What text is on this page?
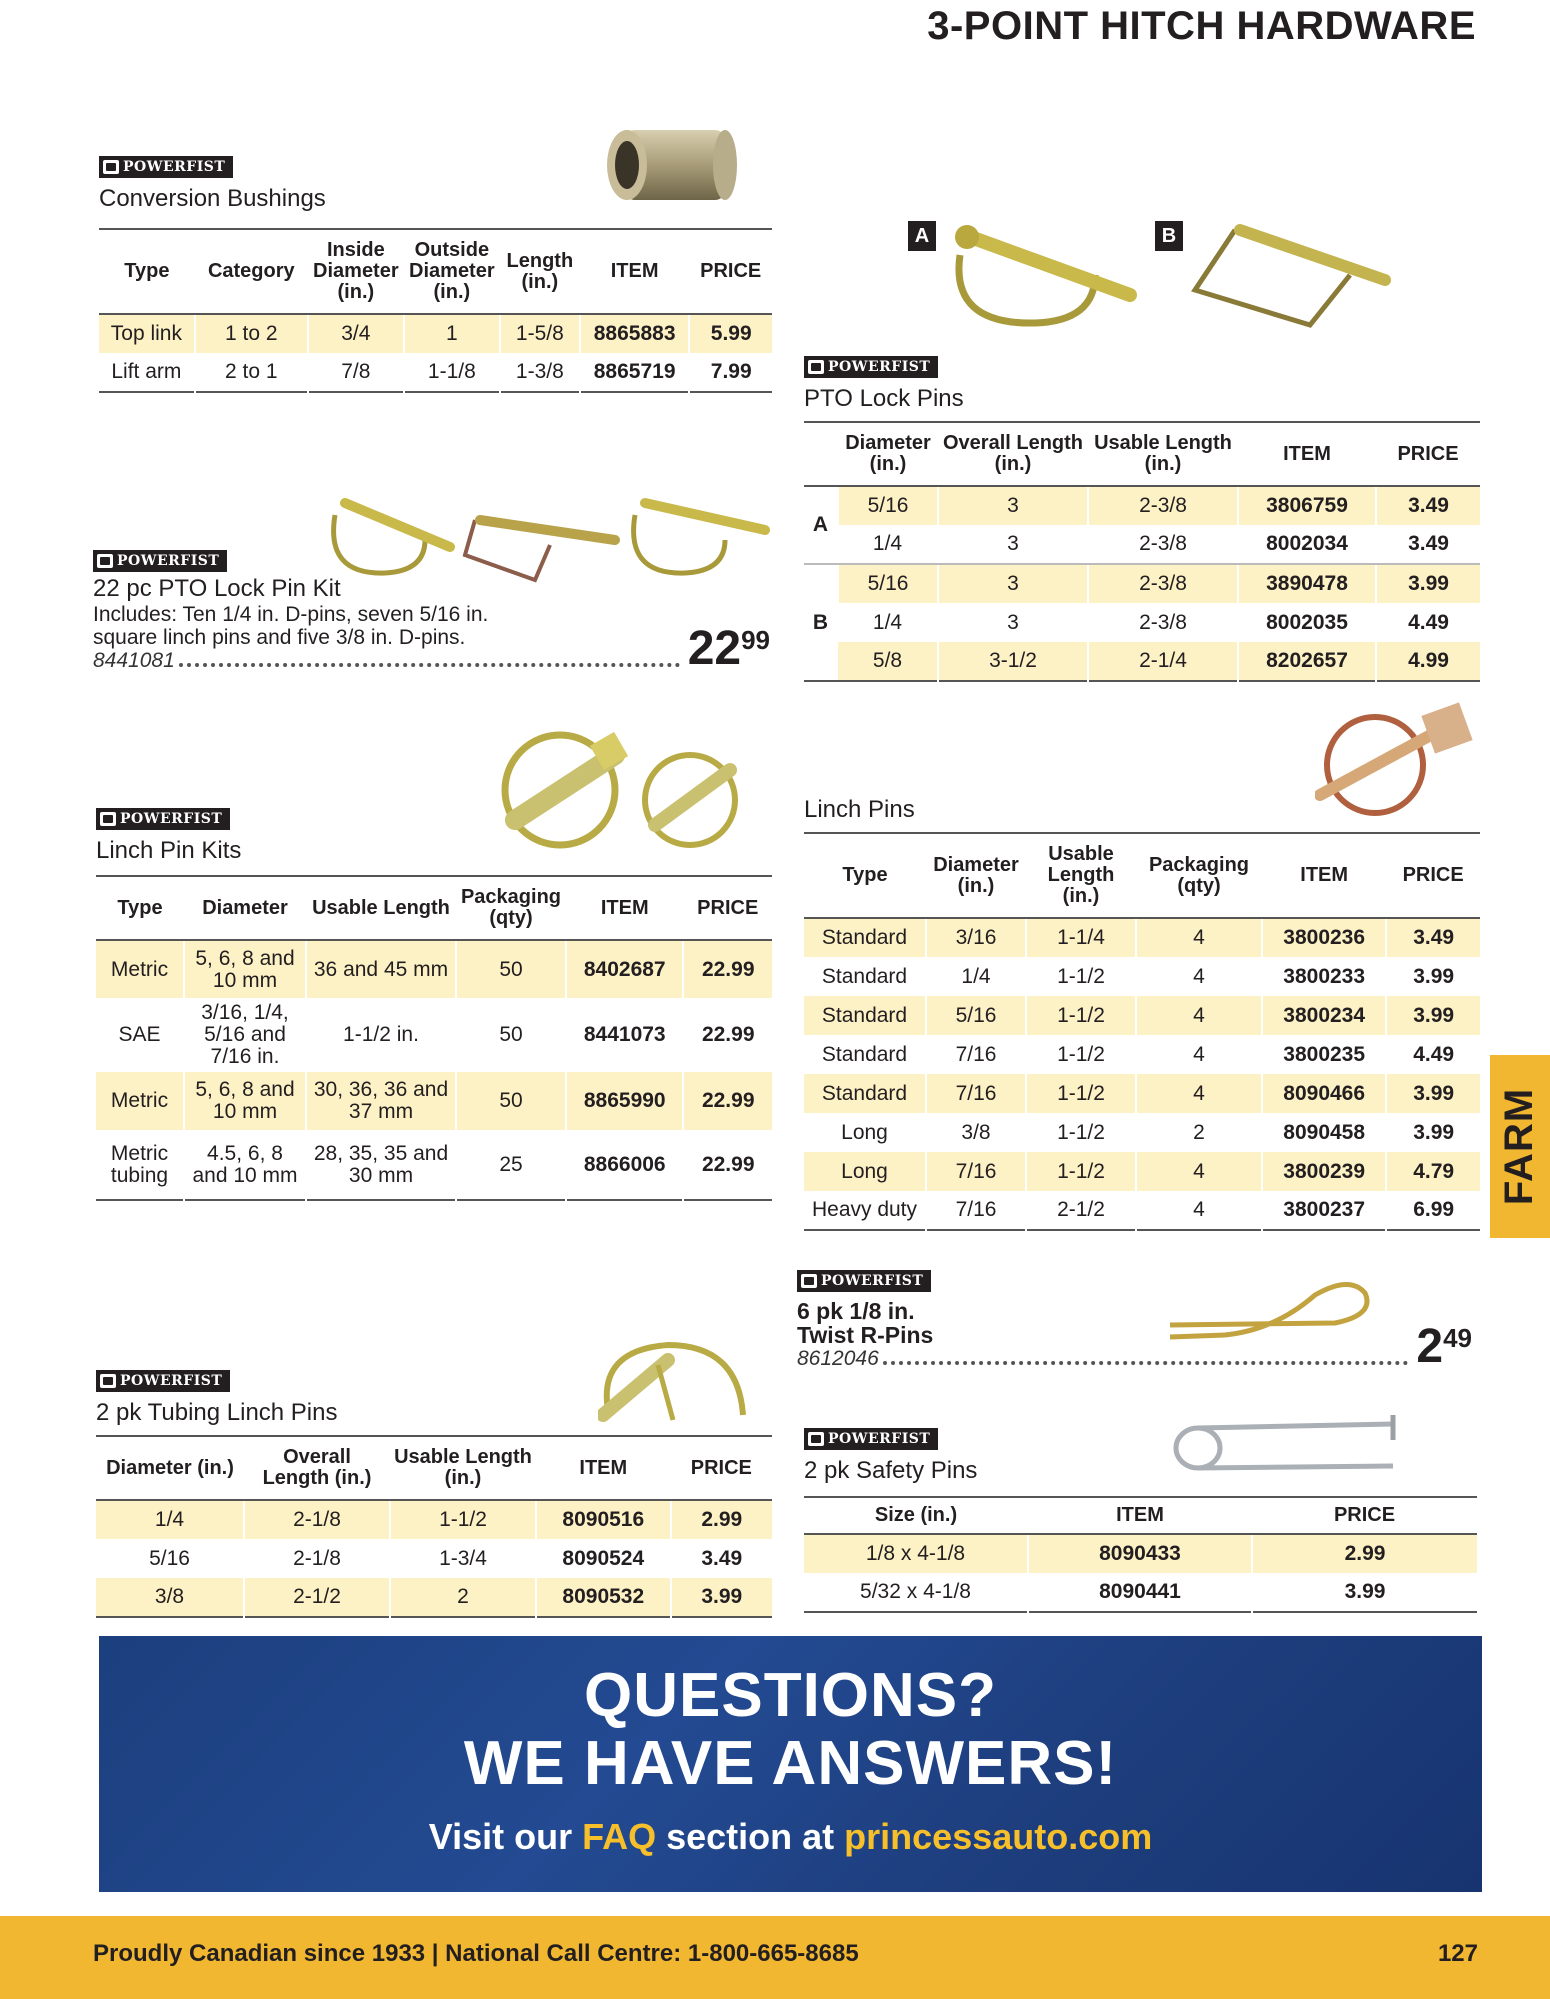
3-POINT HITCH HARDWARE
POWERFIST
Conversion Bushings
Type	Category	Inside Diameter (in.)	Outside Diameter (in.)	Length (in.)	ITEM	PRICE
Top link	1 to 2	3/4	1	1-5/8	8865883	5.99
Lift arm	2 to 1	7/8	1-1/8	1-3/8	8865719	7.99
A	B
POWERFIST
PTO Lock Pins
	Diameter (in.)	Overall Length (in.)	Usable Length (in.)	ITEM	PRICE
A	5/16	3	2-3/8	3806759	3.49
	1/4	3	2-3/8	8002034	3.49
B	5/16	3	2-3/8	3890478	3.99
	1/4	3	2-3/8	8002035	4.49
	5/8	3-1/2	2-1/4	8202657	4.99
POWERFIST
22 pc PTO Lock Pin Kit
Includes: Ten 1/4 in. D-pins, seven 5/16 in.
square linch pins and five 3/8 in. D-pins.
8441081	$22^{99}$
Linch Pins
Type	Diameter (in.)	Usable Length (in.)	Packaging (qty)	ITEM	PRICE
Standard	3/16	1-1/4	4	3800236	3.49
Standard	1/4	1-1/2	4	3800233	3.99
Standard	5/16	1-1/2	4	3800234	3.99
Standard	7/16	1-1/2	4	3800235	4.49
Standard	7/16	1-1/2	4	8090466	3.99
Long	3/8	1-1/2	2	8090458	3.99
Long	7/16	1-1/2	4	3800239	4.79
Heavy duty	7/16	2-1/2	4	3800237	6.99
POWERFIST
Linch Pin Kits
Type	Diameter	Usable Length	Packaging (qty)	ITEM	PRICE
Metric	5, 6, 8 and 10 mm	36 and 45 mm	50	8402687	22.99
SAE	3/16, 1/4, 5/16 and 7/16 in.	1-1/2 in.	50	8441073	22.99
Metric	5, 6, 8 and 10 mm	30, 36, 36 and 37 mm	50	8865990	22.99
Metric tubing	4.5, 6, 8 and 10 mm	28, 35, 35 and 30 mm	25	8866006	22.99
POWERFIST
6 pk 1/8 in.
Twist R-Pins
8612046	$2^{49}$
POWERFIST
2 pk Safety Pins
Size (in.)	ITEM	PRICE
1/8 x 4-1/8	8090433	2.99
5/32 x 4-1/8	8090441	3.99
POWERFIST
2 pk Tubing Linch Pins
Diameter (in.)	Overall Length (in.)	Usable Length (in.)	ITEM	PRICE
1/4	2-1/8	1-1/2	8090516	2.99
5/16	2-1/8	1-3/4	8090524	3.49
3/8	2-1/2	2	8090532	3.99
FARM
QUESTIONS?
WE HAVE ANSWERS!
Visit our FAQ section at princessauto.com
Proudly Canadian since 1933 | National Call Centre: 1-800-665-8685	127
